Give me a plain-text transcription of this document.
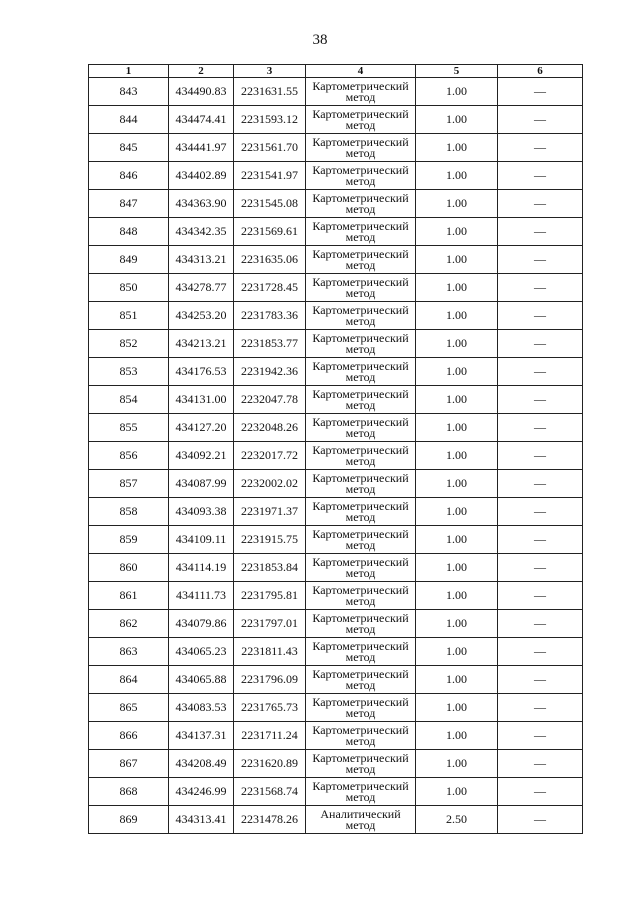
38
1	2	3	4	5	6
843	434490.83	2231631.55	Картометрический метод	1.00	—
844	434474.41	2231593.12	Картометрический метод	1.00	—
845	434441.97	2231561.70	Картометрический метод	1.00	—
846	434402.89	2231541.97	Картометрический метод	1.00	—
847	434363.90	2231545.08	Картометрический метод	1.00	—
848	434342.35	2231569.61	Картометрический метод	1.00	—
849	434313.21	2231635.06	Картометрический метод	1.00	—
850	434278.77	2231728.45	Картометрический метод	1.00	—
851	434253.20	2231783.36	Картометрический метод	1.00	—
852	434213.21	2231853.77	Картометрический метод	1.00	—
853	434176.53	2231942.36	Картометрический метод	1.00	—
854	434131.00	2232047.78	Картометрический метод	1.00	—
855	434127.20	2232048.26	Картометрический метод	1.00	—
856	434092.21	2232017.72	Картометрический метод	1.00	—
857	434087.99	2232002.02	Картометрический метод	1.00	—
858	434093.38	2231971.37	Картометрический метод	1.00	—
859	434109.11	2231915.75	Картометрический метод	1.00	—
860	434114.19	2231853.84	Картометрический метод	1.00	—
861	434111.73	2231795.81	Картометрический метод	1.00	—
862	434079.86	2231797.01	Картометрический метод	1.00	—
863	434065.23	2231811.43	Картометрический метод	1.00	—
864	434065.88	2231796.09	Картометрический метод	1.00	—
865	434083.53	2231765.73	Картометрический метод	1.00	—
866	434137.31	2231711.24	Картометрический метод	1.00	—
867	434208.49	2231620.89	Картометрический метод	1.00	—
868	434246.99	2231568.74	Картометрический метод	1.00	—
869	434313.41	2231478.26	Аналитический метод	2.50	—
